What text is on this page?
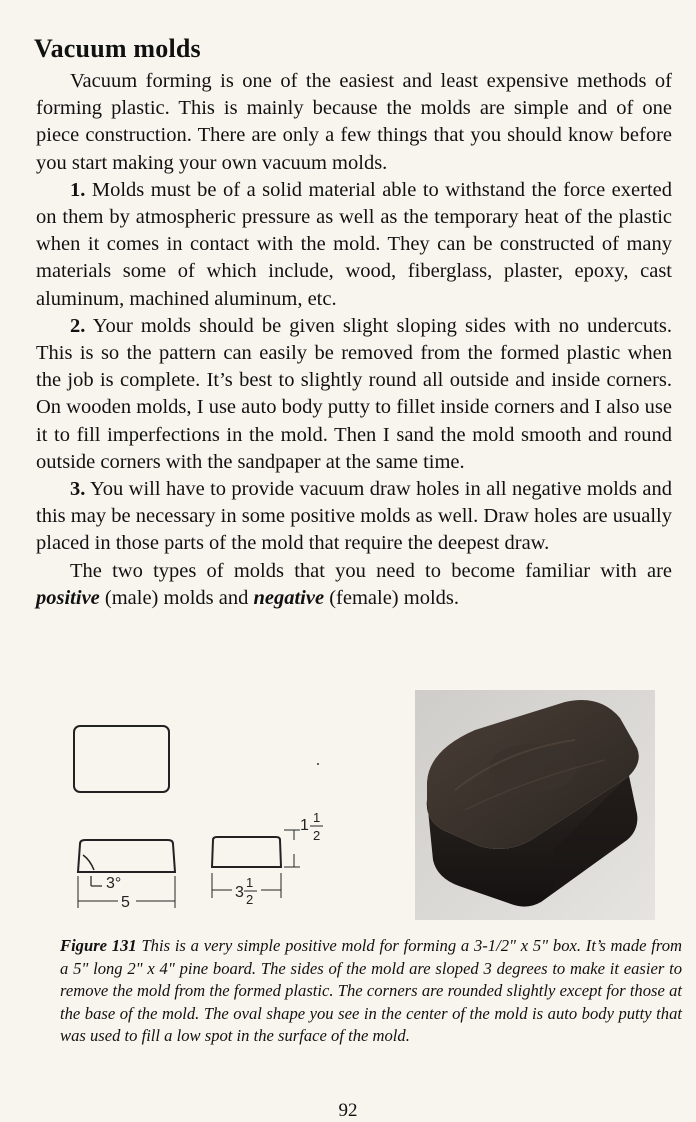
Vacuum molds

Vacuum forming is one of the easiest and least expensive methods of forming plastic. This is mainly because the molds are simple and of one piece construction. There are only a few things that you should know before you start making your own vacuum molds.

1. Molds must be of a solid material able to withstand the force exerted on them by atmospheric pressure as well as the temporary heat of the plastic when it comes in contact with the mold. They can be constructed of many materials some of which include, wood, fiberglass, plaster, epoxy, cast aluminum, machined aluminum, etc.

2. Your molds should be given slight sloping sides with no undercuts. This is so the pattern can easily be removed from the formed plastic when the job is complete. It’s best to slightly round all outside and inside corners. On wooden molds, I use auto body putty to fillet inside corners and I also use it to fill imperfections in the mold. Then I sand the mold smooth and round outside corners with the sandpaper at the same time.

3. You will have to provide vacuum draw holes in all negative molds and this may be necessary in some positive molds as well. Draw holes are usually placed in those parts of the mold that require the deepest draw.

The two types of molds that you need to become familiar with are positive (male) molds and negative (female) molds.

3°
5
3
1
2
1 1
2
Figure 131 This is a very simple positive mold for forming a 3-1/2" x 5" box. It’s made from a 5" long 2" x 4" pine board. The sides of the mold are sloped 3 degrees to make it easier to remove the mold from the formed plastic. The corners are rounded slightly except for those at the base of the mold. The oval shape you see in the center of the mold is auto body putty that was used to fill a low spot in the surface of the mold.
92
